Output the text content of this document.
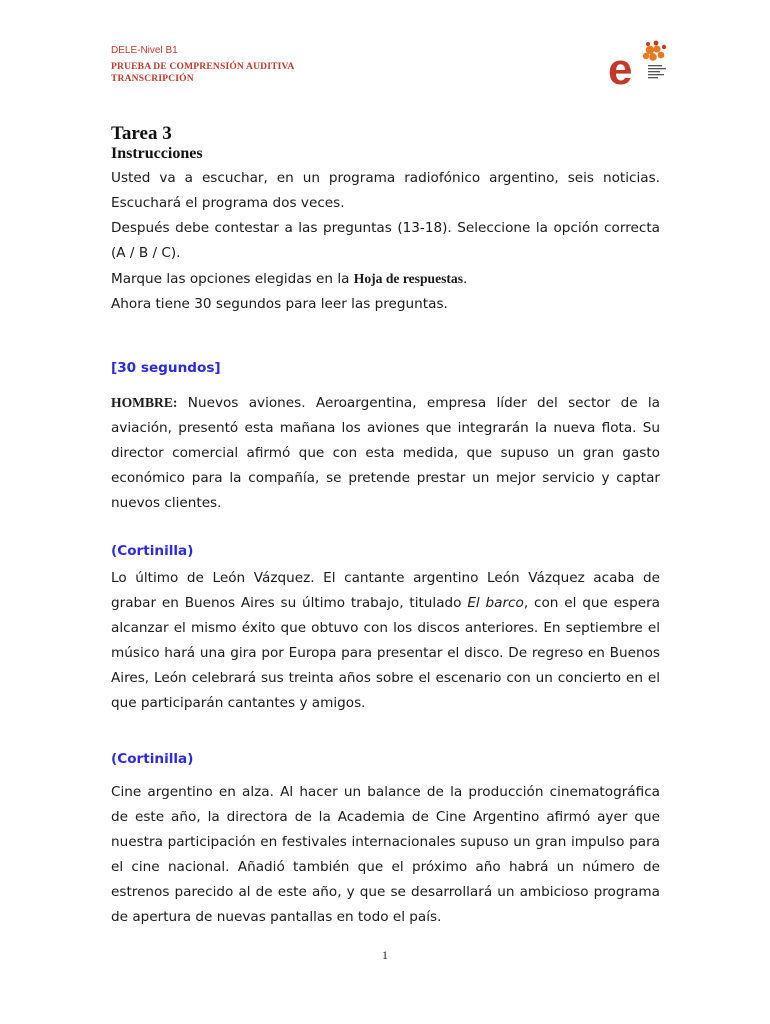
DELE-Nivel B1
PRUEBA DE COMPRENSIÓN AUDITIVA
TRANSCRIPCIÓN	e
Tarea 3
Instrucciones

Usted va a escuchar, en un programa radiofónico argentino, seis noticias. Escuchará el programa dos veces.

Después debe contestar a las preguntas (13-18). Seleccione la opción correcta (A / B / C).

Marque las opciones elegidas en la Hoja de respuestas.

Ahora tiene 30 segundos para leer las preguntas.

[30 segundos]

HOMBRE: Nuevos aviones. Aeroargentina, empresa líder del sector de la aviación, presentó esta mañana los aviones que integrarán la nueva flota. Su director comercial afirmó que con esta medida, que supuso un gran gasto económico para la compañía, se pretende prestar un mejor servicio y captar nuevos clientes.

(Cortinilla)

Lo último de León Vázquez. El cantante argentino León Vázquez acaba de grabar en Buenos Aires su último trabajo, titulado El barco, con el que espera alcanzar el mismo éxito que obtuvo con los discos anteriores. En septiembre el músico hará una gira por Europa para presentar el disco. De regreso en Buenos Aires, León celebrará sus treinta años sobre el escenario con un concierto en el que participarán cantantes y amigos.

(Cortinilla)

Cine argentino en alza. Al hacer un balance de la producción cinematográfica de este año, la directora de la Academia de Cine Argentino afirmó ayer que nuestra participación en festivales internacionales supuso un gran impulso para el cine nacional. Añadió también que el próximo año habrá un número de estrenos parecido al de este año, y que se desarrollará un ambicioso programa de apertura de nuevas pantallas en todo el país.

1
